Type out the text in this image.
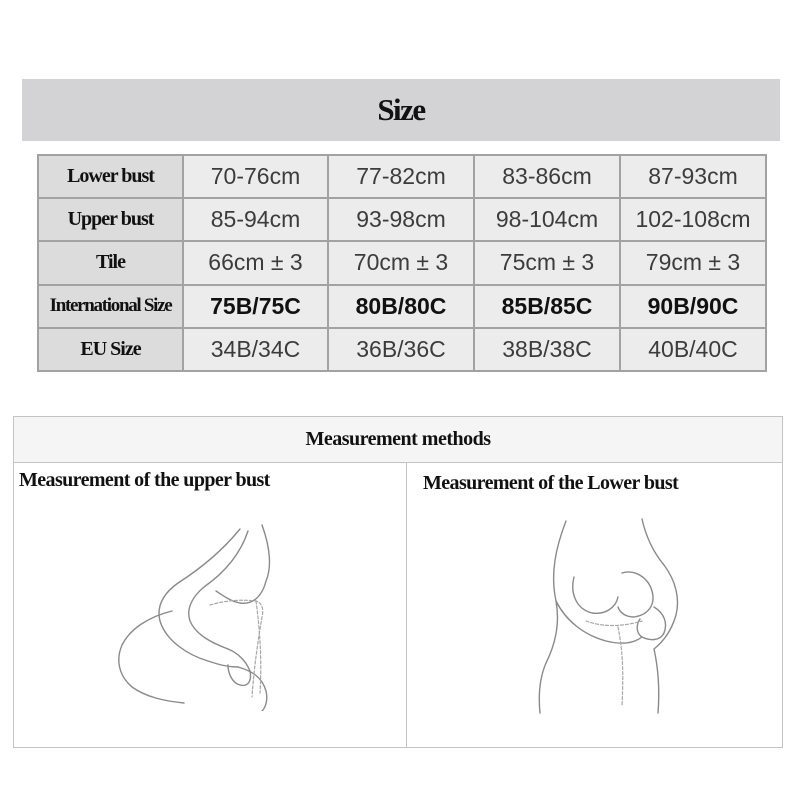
Size
Lower bust	70-76cm	77-82cm	83-86cm	87-93cm
Upper bust	85-94cm	93-98cm	98-104cm	102-108cm
Tile	66cm ± 3	70cm ± 3	75cm ± 3	79cm ± 3
International Size	75B/75C	80B/80C	85B/85C	90B/90C
EU Size	34B/34C	36B/36C	38B/38C	40B/40C
Measurement methods
Measurement of the upper bust	Measurement of the Lower bust
